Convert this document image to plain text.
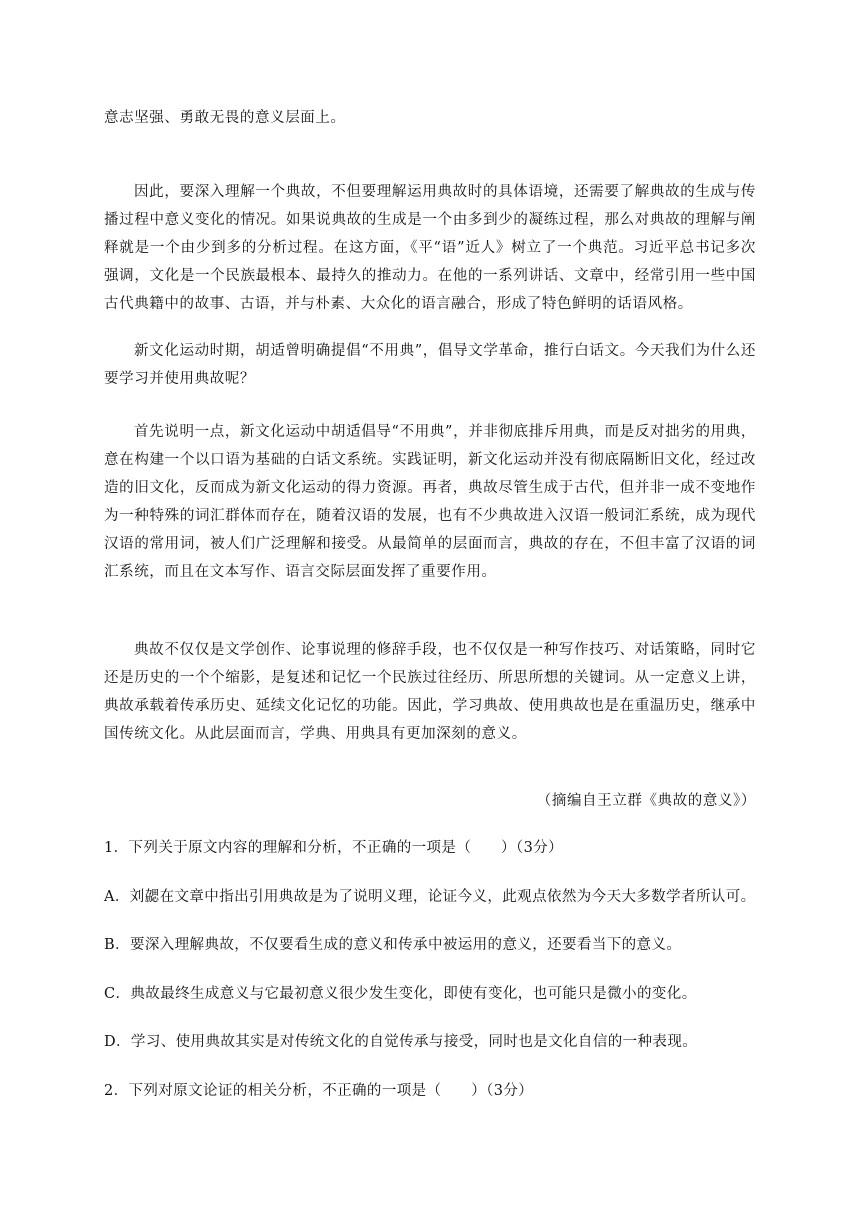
意志坚强、勇敢无畏的意义层面上。

因此，要深入理解一个典故，不但要理解运用典故时的具体语境，还需要了解典故的生成与传播过程中意义变化的情况。如果说典故的生成是一个由多到少的凝练过程，那么对典故的理解与阐释就是一个由少到多的分析过程。在这方面，《平“语”近人》树立了一个典范。习近平总书记多次强调，文化是一个民族最根本、最持久的推动力。在他的一系列讲话、文章中，经常引用一些中国古代典籍中的故事、古语，并与朴素、大众化的语言融合，形成了特色鲜明的话语风格。

新文化运动时期，胡适曾明确提倡“不用典”，倡导文学革命，推行白话文。今天我们为什么还要学习并使用典故呢？

首先说明一点，新文化运动中胡适倡导“不用典”，并非彻底排斥用典，而是反对拙劣的用典，意在构建一个以口语为基础的白话文系统。实践证明，新文化运动并没有彻底隔断旧文化，经过改造的旧文化，反而成为新文化运动的得力资源。再者，典故尽管生成于古代，但并非一成不变地作为一种特殊的词汇群体而存在，随着汉语的发展，也有不少典故进入汉语一般词汇系统，成为现代汉语的常用词，被人们广泛理解和接受。从最简单的层面而言，典故的存在，不但丰富了汉语的词汇系统，而且在文本写作、语言交际层面发挥了重要作用。

典故不仅仅是文学创作、论事说理的修辞手段，也不仅仅是一种写作技巧、对话策略，同时它还是历史的一个个缩影，是复述和记忆一个民族过往经历、所思所想的关键词。从一定意义上讲，典故承载着传承历史、延续文化记忆的功能。因此，学习典故、使用典故也是在重温历史，继承中国传统文化。从此层面而言，学典、用典具有更加深刻的意义。

（摘编自王立群《典故的意义》）

1．下列关于原文内容的理解和分析，不正确的一项是（　　）（3分）

A．刘勰在文章中指出引用典故是为了说明义理，论证今义，此观点依然为今天大多数学者所认可。

B．要深入理解典故，不仅要看生成的意义和传承中被运用的意义，还要看当下的意义。

C．典故最终生成意义与它最初意义很少发生变化，即使有变化，也可能只是微小的变化。

D．学习、使用典故其实是对传统文化的自觉传承与接受，同时也是文化自信的一种表现。

2．下列对原文论证的相关分析，不正确的一项是（　　）（3分）
